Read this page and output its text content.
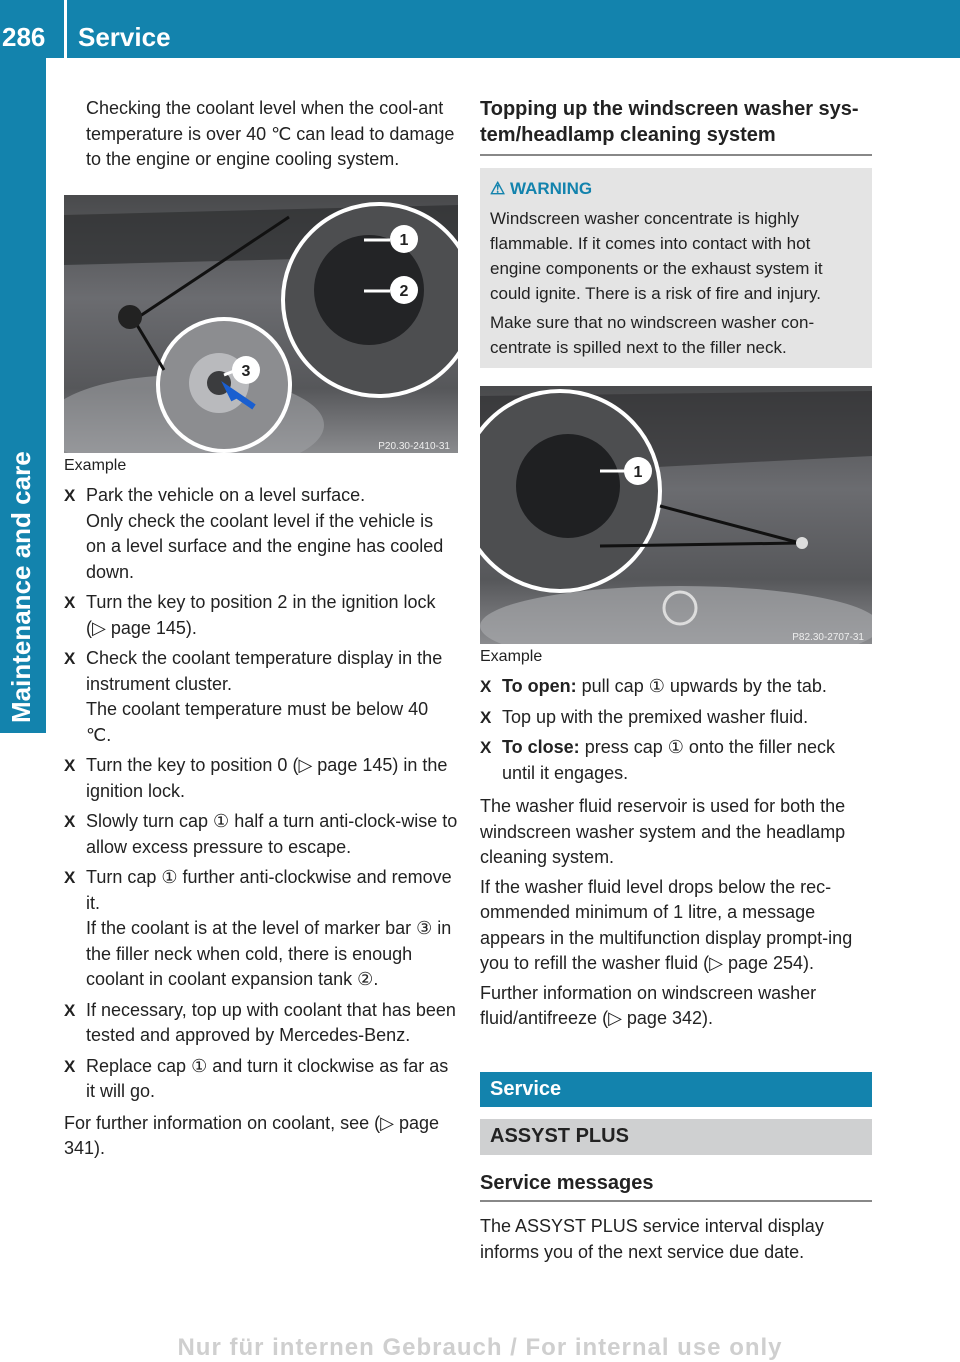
286 Service
Maintenance and care

Checking the coolant level when the cool-ant temperature is over 40 ℃ can lead to damage to the engine or engine cooling system.

1
2
3
P20.30-2410-31

Example

X Park the vehicle on a level surface.
Only check the coolant level if the vehicle is on a level surface and the engine has cooled down.
X Turn the key to position 2 in the ignition lock (▷ page 145).
X Check the coolant temperature display in the instrument cluster.
The coolant temperature must be below 40 ℃.
X Turn the key to position 0 (▷ page 145) in the ignition lock.
X Slowly turn cap ① half a turn anti-clock-wise to allow excess pressure to escape.
X Turn cap ① further anti-clockwise and remove it.
If the coolant is at the level of marker bar ③ in the filler neck when cold, there is enough coolant in coolant expansion tank ②.
X If necessary, top up with coolant that has been tested and approved by Mercedes-Benz.
X Replace cap ① and turn it clockwise as far as it will go.

For further information on coolant, see (▷ page 341).

Topping up the windscreen washer sys-tem/headlamp cleaning system
⚠ WARNING

Windscreen washer concentrate is highly flammable. If it comes into contact with hot engine components or the exhaust system it could ignite. There is a risk of fire and injury.

Make sure that no windscreen washer con-centrate is spilled next to the filler neck.

1
P82.30-2707-31

Example

X To open: pull cap ① upwards by the tab.
X Top up with the premixed washer fluid.
X To close: press cap ① onto the filler neck until it engages.

The washer fluid reservoir is used for both the windscreen washer system and the headlamp cleaning system.

If the washer fluid level drops below the rec-ommended minimum of 1 litre, a message appears in the multifunction display prompt-ing you to refill the washer fluid (▷ page 254).

Further information on windscreen washer fluid/antifreeze (▷ page 342).

Service
ASSYST PLUS
Service messages

The ASSYST PLUS service interval display informs you of the next service due date.

Nur für internen Gebrauch / For internal use only
